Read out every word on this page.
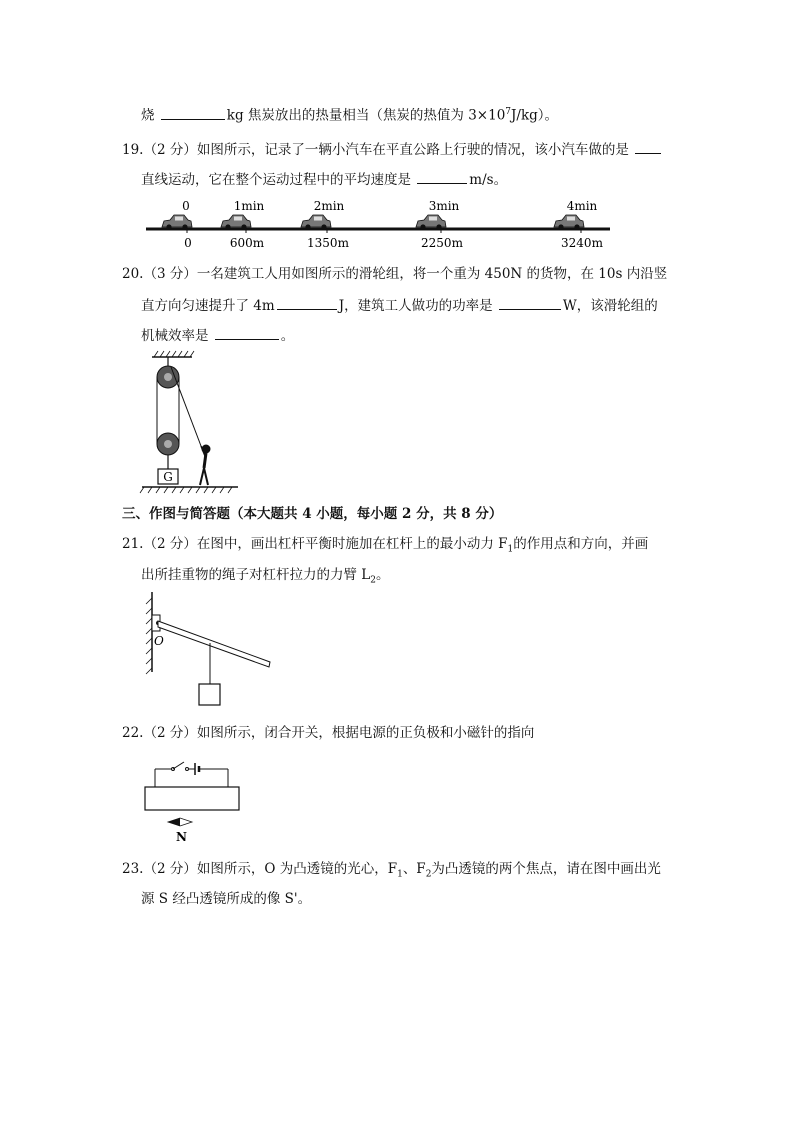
烧	kg 焦炭放出的热量相当（焦炭的热值为 $3\times 10^7J/kg$）。
19.（2 分）如图所示，记录了一辆小汽车在平直公路上行驶的情况，该小汽车做的是
直线运动，它在整个运动过程中的平均速度是	m/s。
0
0
1min
600m
2min
1350m
3min
2250m
4min
3240m
20.（3 分）一名建筑工人用如图所示的滑轮组，将一个重为 450N 的货物，在 10s 内沿竖
直方向匀速提升了 4m	J，建筑工人做功的功率是	W，该滑轮组的
机械效率是	。
G
三、作图与简答题（本大题共 4 小题，每小题 2 分，共 8 分）
21.（2 分）在图中，画出杠杆平衡时施加在杠杆上的最小动力 $F_1$的作用点和方向，并画
出所挂重物的绳子对杠杆拉力的力臂 $L_2$。
O
22.（2 分）如图所示，闭合开关，根据电源的正负极和小磁针的指向
N
23.（2 分）如图所示，O 为凸透镜的光心，$F_1$、$F_2$为凸透镜的两个焦点，请在图中画出光
源 S 经凸透镜所成的像 S'。
